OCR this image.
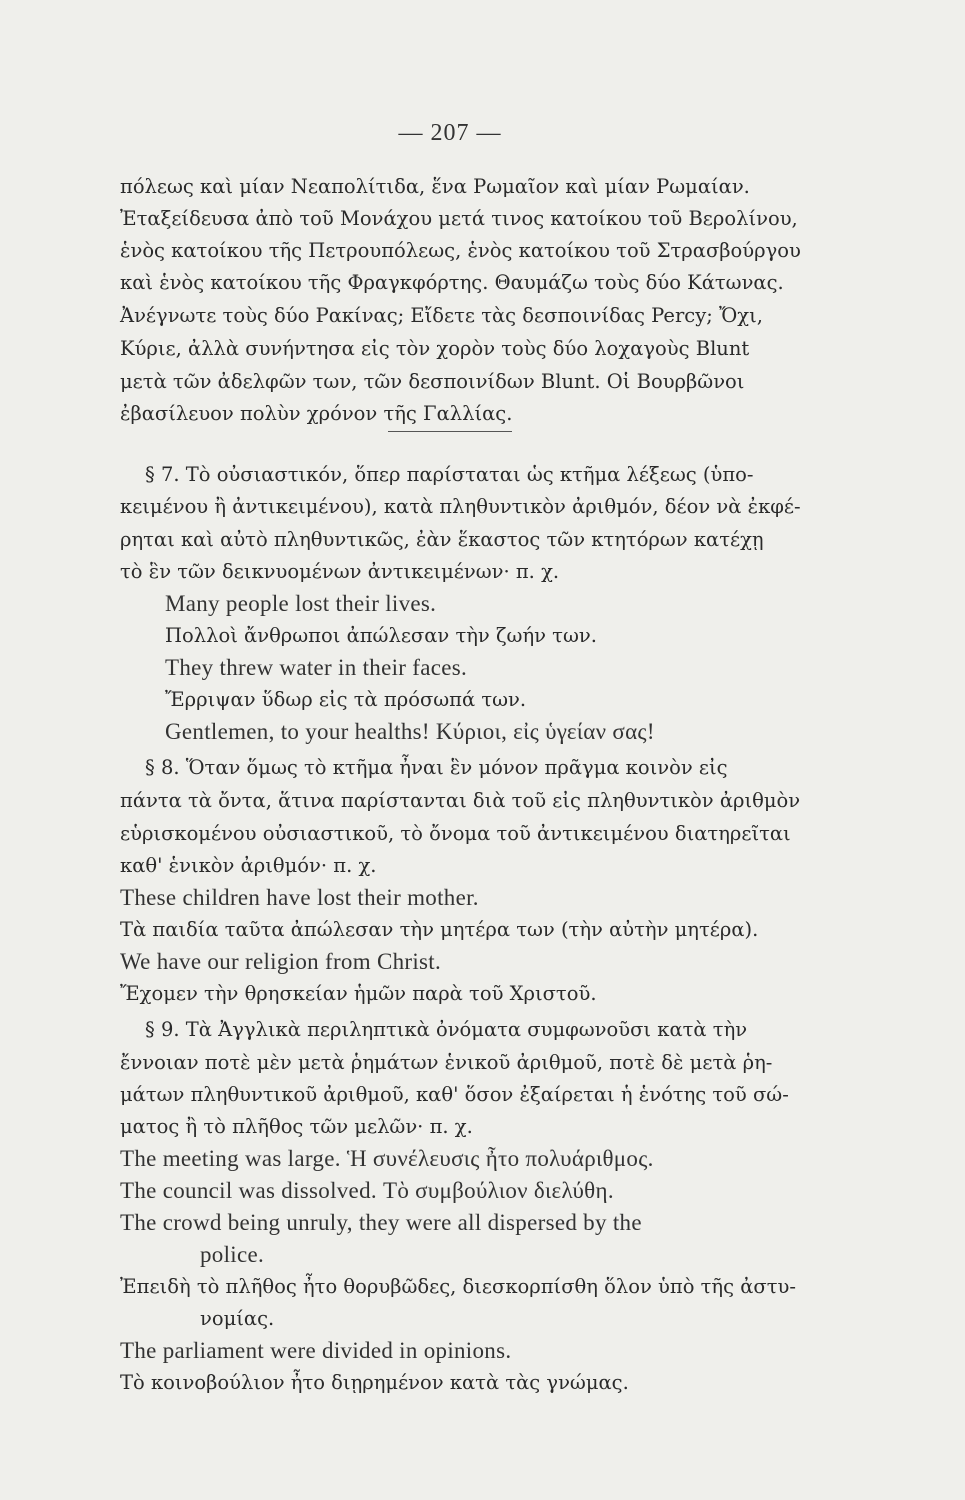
— 207 —
πόλεως καὶ μίαν Νεαπολίτιδα, ἕνα Ρωμαῖον καὶ μίαν Ρωμαίαν.
Ἐταξείδευσα ἀπὸ τοῦ Μονάχου μετά τινος κατοίκου τοῦ Βερολίνου,
ἑνὸς κατοίκου τῆς Πετρουπόλεως, ἑνὸς κατοίκου τοῦ Στρασβούργου
καὶ ἑνὸς κατοίκου τῆς Φραγκφόρτης. Θαυμάζω τοὺς δύο Κάτωνας.
Ἀνέγνωτε τοὺς δύο Ρακίνας; Εἴδετε τὰς δεσποινίδας Percy; Ὄχι,
Κύριε, ἀλλὰ συνήντησα εἰς τὸν χορὸν τοὺς δύο λοχαγοὺς Blunt
μετὰ τῶν ἀδελφῶν των, τῶν δεσποινίδων Blunt. Οἱ Βουρβῶνοι
ἐβασίλευον πολὺν χρόνον τῆς Γαλλίας.
§ 7. Τὸ οὐσιαστικόν, ὅπερ παρίσταται ὡς κτῆμα λέξεως (ὑπο-
κειμένου ἢ ἀντικειμένου), κατὰ πληθυντικὸν ἀριθμόν, δέον νὰ ἐκφέ-
ρηται καὶ αὐτὸ πληθυντικῶς, ἐὰν ἕκαστος τῶν κτητόρων κατέχῃ
τὸ ἓν τῶν δεικνυομένων ἀντικειμένων· π. χ.
Many people lost their lives.
Πολλοὶ ἄνθρωποι ἀπώλεσαν τὴν ζωήν των.
They threw water in their faces.
Ἔρριψαν ὕδωρ εἰς τὰ πρόσωπά των.
Gentlemen, to your healths! Κύριοι, εἰς ὑγείαν σας!
§ 8. Ὅταν ὅμως τὸ κτῆμα ἦναι ἓν μόνον πρᾶγμα κοινὸν εἰς
πάντα τὰ ὄντα, ἅτινα παρίστανται διὰ τοῦ εἰς πληθυντικὸν ἀριθμὸν
εὑρισκομένου οὐσιαστικοῦ, τὸ ὄνομα τοῦ ἀντικειμένου διατηρεῖται
καθ' ἑνικὸν ἀριθμόν· π. χ.
These children have lost their mother.
Τὰ παιδία ταῦτα ἀπώλεσαν τὴν μητέρα των (τὴν αὐτὴν μητέρα).
We have our religion from Christ.
Ἔχομεν τὴν θρησκείαν ἡμῶν παρὰ τοῦ Χριστοῦ.
§ 9. Τὰ Ἀγγλικὰ περιληπτικὰ ὀνόματα συμφωνοῦσι κατὰ τὴν
ἔννοιαν ποτὲ μὲν μετὰ ῥημάτων ἑνικοῦ ἀριθμοῦ, ποτὲ δὲ μετὰ ῥη-
μάτων πληθυντικοῦ ἀριθμοῦ, καθ' ὅσον ἐξαίρεται ἡ ἑνότης τοῦ σώ-
ματος ἢ τὸ πλῆθος τῶν μελῶν· π. χ.
The meeting was large. Ἡ συνέλευσις ἦτο πολυάριθμος.
The council was dissolved. Τὸ συμβούλιον διελύθη.
The crowd being unruly, they were all dispersed by the
police.
Ἐπειδὴ τὸ πλῆθος ἦτο θορυβῶδες, διεσκορπίσθη ὅλον ὑπὸ τῆς ἀστυ-
νομίας.
The parliament were divided in opinions.
Τὸ κοινοβούλιον ἦτο διῃρημένον κατὰ τὰς γνώμας.
